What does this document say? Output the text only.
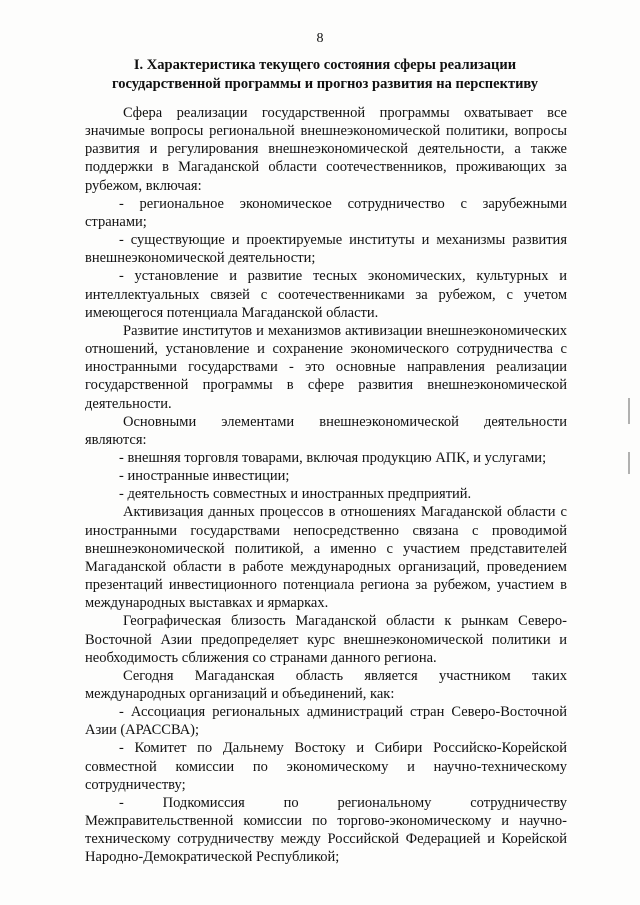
8
I. Характеристика текущего состояния сферы реализации государственной программы и прогноз развития на перспективу

Сфера реализации государственной программы охватывает все значимые вопросы региональной внешнеэкономической политики, вопросы развития и регулирования внешнеэкономической деятельности, а также поддержки в Магаданской области соотечественников, проживающих за рубежом, включая:

- региональное экономическое сотрудничество с зарубежными странами;

- существующие и проектируемые институты и механизмы развития внешнеэкономической деятельности;

- установление и развитие тесных экономических, культурных и интеллектуальных связей с соотечественниками за рубежом, с учетом имеющегося потенциала Магаданской области.

Развитие институтов и механизмов активизации внешнеэкономических отношений, установление и сохранение экономического сотрудничества с иностранными государствами - это основные направления реализации государственной программы в сфере развития внешнеэкономической деятельности.

Основными элементами внешнеэкономической деятельности являются:

- внешняя торговля товарами, включая продукцию АПК, и услугами;

- иностранные инвестиции;

- деятельность совместных и иностранных предприятий.

Активизация данных процессов в отношениях Магаданской области с иностранными государствами непосредственно связана с проводимой внешнеэкономической политикой, а именно с участием представителей Магаданской области в работе международных организаций, проведением презентаций инвестиционного потенциала региона за рубежом, участием в международных выставках и ярмарках.

Географическая близость Магаданской области к рынкам Северо-Восточной Азии предопределяет курс внешнеэкономической политики и необходимость сближения со странами данного региона.

Сегодня Магаданская область является участником таких международных организаций и объединений, как:

- Ассоциация региональных администраций стран Северо-Восточной Азии (АРАССВА);

- Комитет по Дальнему Востоку и Сибири Российско-Корейской совместной комиссии по экономическому и научно-техническому сотрудничеству;

- Подкомиссия по региональному сотрудничеству Межправительственной комиссии по торгово-экономическому и научно-техническому сотрудничеству между Российской Федерацией и Корейской Народно-Демократической Республикой;
